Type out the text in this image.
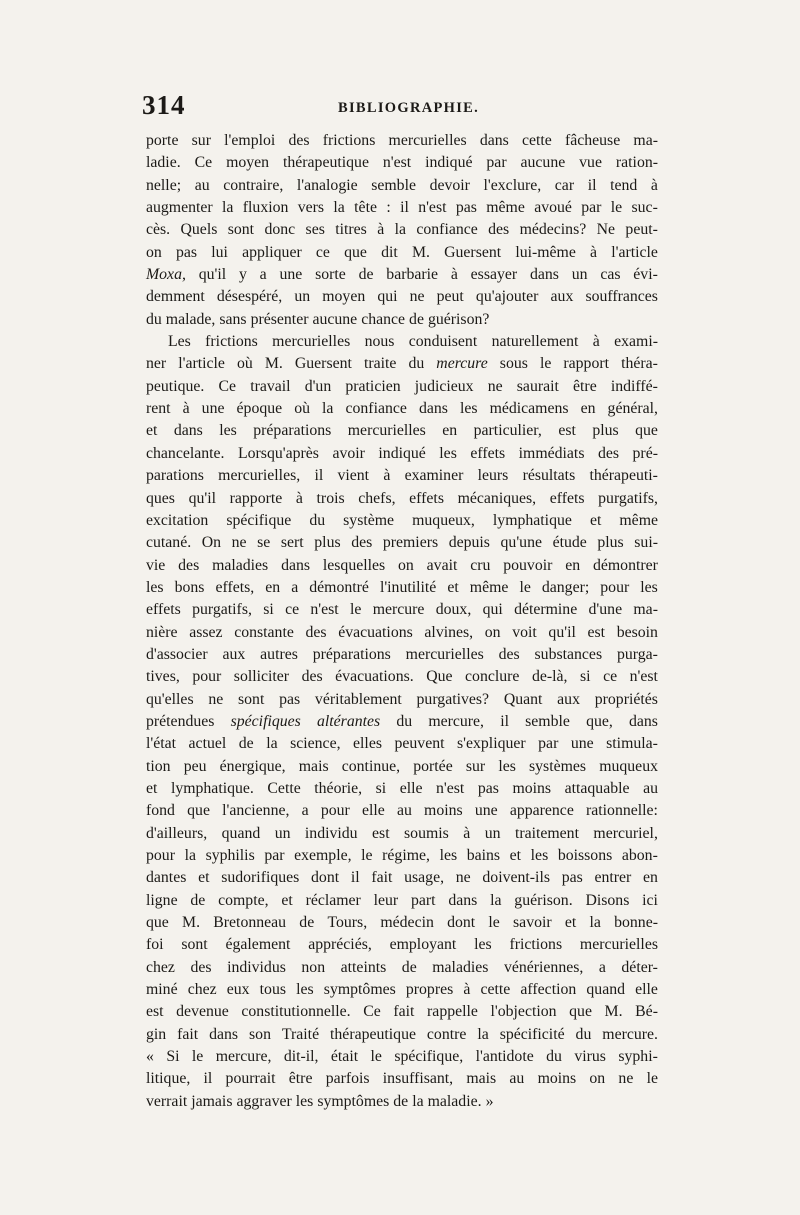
314	BIBLIOGRAPHIE.
porte sur l'emploi des frictions mercurielles dans cette fâcheuse ma-
ladie. Ce moyen thérapeutique n'est indiqué par aucune vue ration-
nelle; au contraire, l'analogie semble devoir l'exclure, car il tend à
augmenter la fluxion vers la tête : il n'est pas même avoué par le suc-
cès. Quels sont donc ses titres à la confiance des médecins? Ne peut-
on pas lui appliquer ce que dit M. Guersent lui-même à l'article
Moxa, qu'il y a une sorte de barbarie à essayer dans un cas évi-
demment désespéré, un moyen qui ne peut qu'ajouter aux souffrances
du malade, sans présenter aucune chance de guérison?
Les frictions mercurielles nous conduisent naturellement à exami-
ner l'article où M. Guersent traite du mercure sous le rapport théra-
peutique. Ce travail d'un praticien judicieux ne saurait être indiffé-
rent à une époque où la confiance dans les médicamens en général,
et dans les préparations mercurielles en particulier, est plus que
chancelante. Lorsqu'après avoir indiqué les effets immédiats des pré-
parations mercurielles, il vient à examiner leurs résultats thérapeuti-
ques qu'il rapporte à trois chefs, effets mécaniques, effets purgatifs,
excitation spécifique du système muqueux, lymphatique et même
cutané. On ne se sert plus des premiers depuis qu'une étude plus sui-
vie des maladies dans lesquelles on avait cru pouvoir en démontrer
les bons effets, en a démontré l'inutilité et même le danger; pour les
effets purgatifs, si ce n'est le mercure doux, qui détermine d'une ma-
nière assez constante des évacuations alvines, on voit qu'il est besoin
d'associer aux autres préparations mercurielles des substances purga-
tives, pour solliciter des évacuations. Que conclure de-là, si ce n'est
qu'elles ne sont pas véritablement purgatives? Quant aux propriétés
prétendues spécifiques altérantes du mercure, il semble que, dans
l'état actuel de la science, elles peuvent s'expliquer par une stimula-
tion peu énergique, mais continue, portée sur les systèmes muqueux
et lymphatique. Cette théorie, si elle n'est pas moins attaquable au
fond que l'ancienne, a pour elle au moins une apparence rationnelle:
d'ailleurs, quand un individu est soumis à un traitement mercuriel,
pour la syphilis par exemple, le régime, les bains et les boissons abon-
dantes et sudorifiques dont il fait usage, ne doivent-ils pas entrer en
ligne de compte, et réclamer leur part dans la guérison. Disons ici
que M. Bretonneau de Tours, médecin dont le savoir et la bonne-
foi sont également appréciés, employant les frictions mercurielles
chez des individus non atteints de maladies vénériennes, a déter-
miné chez eux tous les symptômes propres à cette affection quand elle
est devenue constitutionnelle. Ce fait rappelle l'objection que M. Bé-
gin fait dans son Traité thérapeutique contre la spécificité du mercure.
« Si le mercure, dit-il, était le spécifique, l'antidote du virus syphi-
litique, il pourrait être parfois insuffisant, mais au moins on ne le
verrait jamais aggraver les symptômes de la maladie. »
